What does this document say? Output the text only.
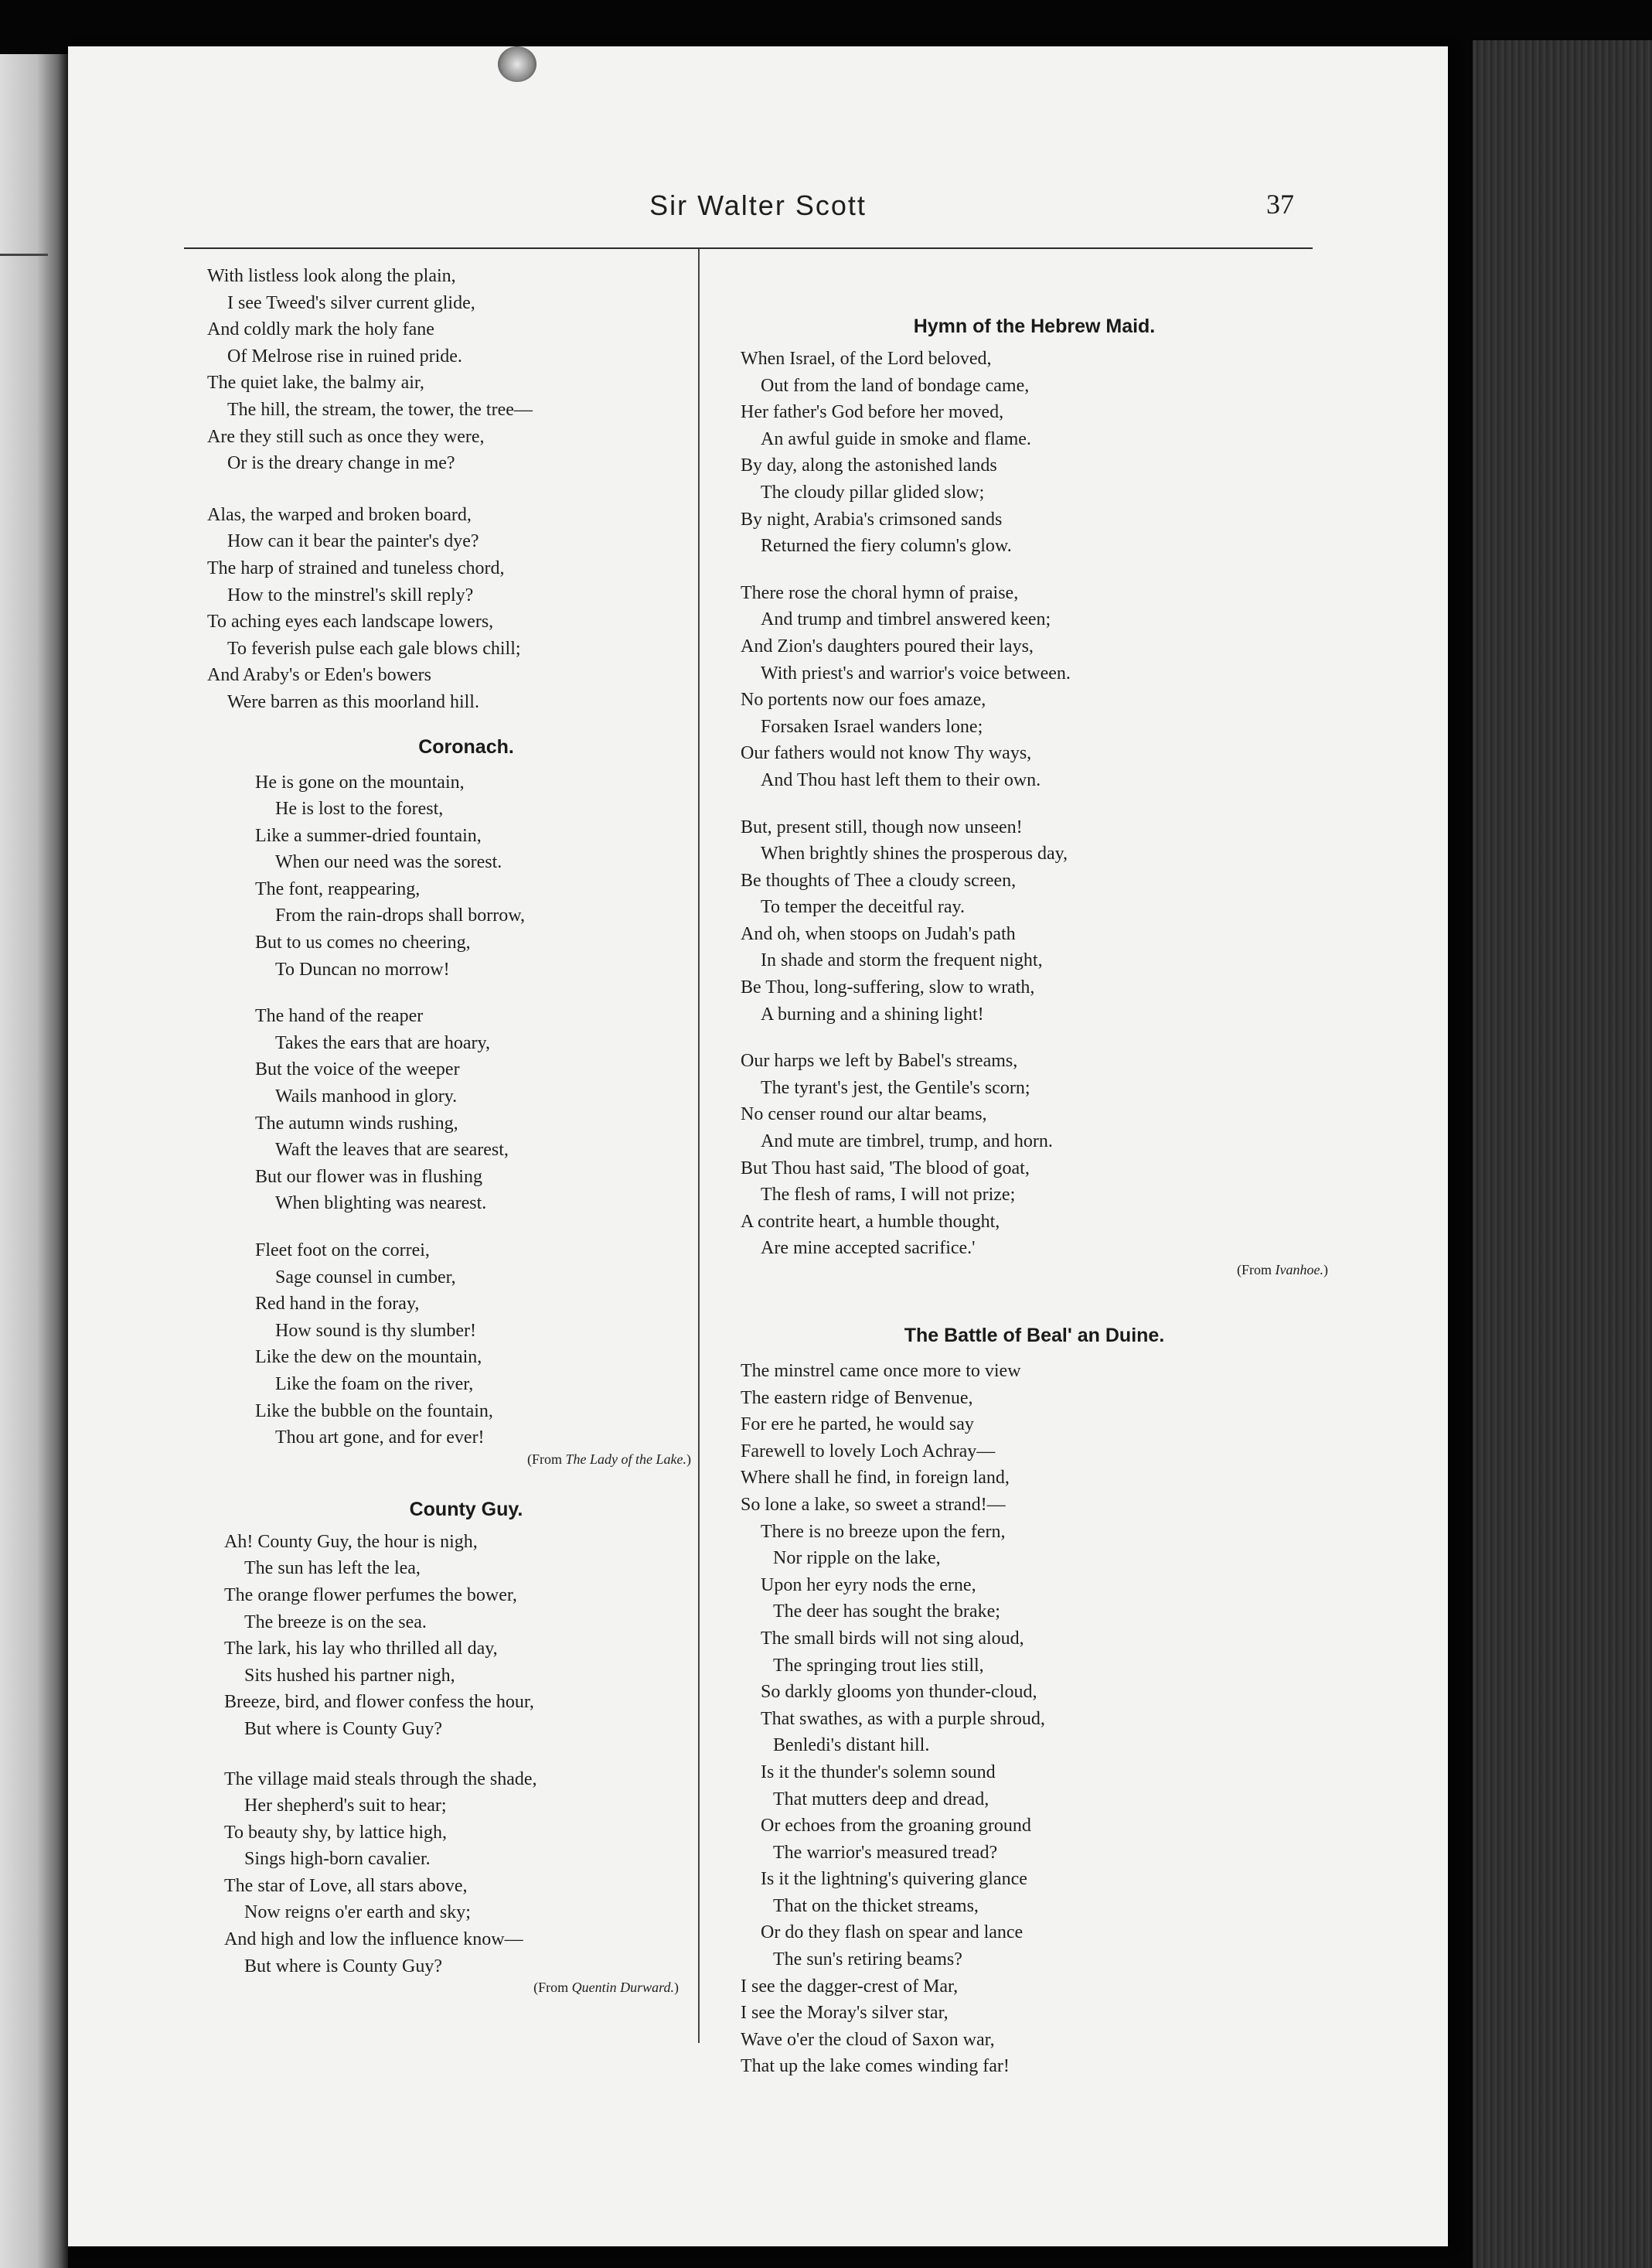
Sir Walter Scott	37
With listless look along the plain,
I see Tweed's silver current glide,
And coldly mark the holy fane
Of Melrose rise in ruined pride.
The quiet lake, the balmy air,
The hill, the stream, the tower, the tree—
Are they still such as once they were,
Or is the dreary change in me?
Alas, the warped and broken board,
How can it bear the painter's dye?
The harp of strained and tuneless chord,
How to the minstrel's skill reply?
To aching eyes each landscape lowers,
To feverish pulse each gale blows chill;
And Araby's or Eden's bowers
Were barren as this moorland hill.
Coronach.
He is gone on the mountain,
He is lost to the forest,
Like a summer-dried fountain,
When our need was the sorest.
The font, reappearing,
From the rain-drops shall borrow,
But to us comes no cheering,
To Duncan no morrow!
The hand of the reaper
Takes the ears that are hoary,
But the voice of the weeper
Wails manhood in glory.
The autumn winds rushing,
Waft the leaves that are searest,
But our flower was in flushing
When blighting was nearest.
Fleet foot on the correi,
Sage counsel in cumber,
Red hand in the foray,
How sound is thy slumber!
Like the dew on the mountain,
Like the foam on the river,
Like the bubble on the fountain,
Thou art gone, and for ever!
(From The Lady of the Lake.)
County Guy.
Ah! County Guy, the hour is nigh,
The sun has left the lea,
The orange flower perfumes the bower,
The breeze is on the sea.
The lark, his lay who thrilled all day,
Sits hushed his partner nigh,
Breeze, bird, and flower confess the hour,
But where is County Guy?
The village maid steals through the shade,
Her shepherd's suit to hear;
To beauty shy, by lattice high,
Sings high-born cavalier.
The star of Love, all stars above,
Now reigns o'er earth and sky;
And high and low the influence know—
But where is County Guy?
(From Quentin Durward.)
Hymn of the Hebrew Maid.
When Israel, of the Lord beloved,
Out from the land of bondage came,
Her father's God before her moved,
An awful guide in smoke and flame.
By day, along the astonished lands
The cloudy pillar glided slow;
By night, Arabia's crimsoned sands
Returned the fiery column's glow.
There rose the choral hymn of praise,
And trump and timbrel answered keen;
And Zion's daughters poured their lays,
With priest's and warrior's voice between.
No portents now our foes amaze,
Forsaken Israel wanders lone;
Our fathers would not know Thy ways,
And Thou hast left them to their own.
But, present still, though now unseen!
When brightly shines the prosperous day,
Be thoughts of Thee a cloudy screen,
To temper the deceitful ray.
And oh, when stoops on Judah's path
In shade and storm the frequent night,
Be Thou, long-suffering, slow to wrath,
A burning and a shining light!
Our harps we left by Babel's streams,
The tyrant's jest, the Gentile's scorn;
No censer round our altar beams,
And mute are timbrel, trump, and horn.
But Thou hast said, 'The blood of goat,
The flesh of rams, I will not prize;
A contrite heart, a humble thought,
Are mine accepted sacrifice.'
(From Ivanhoe.)
The Battle of Beal' an Duine.
The minstrel came once more to view
The eastern ridge of Benvenue,
For ere he parted, he would say
Farewell to lovely Loch Achray—
Where shall he find, in foreign land,
So lone a lake, so sweet a strand!—
There is no breeze upon the fern,
Nor ripple on the lake,
Upon her eyry nods the erne,
The deer has sought the brake;
The small birds will not sing aloud,
The springing trout lies still,
So darkly glooms yon thunder-cloud,
That swathes, as with a purple shroud,
Benledi's distant hill.
Is it the thunder's solemn sound
That mutters deep and dread,
Or echoes from the groaning ground
The warrior's measured tread?
Is it the lightning's quivering glance
That on the thicket streams,
Or do they flash on spear and lance
The sun's retiring beams?
I see the dagger-crest of Mar,
I see the Moray's silver star,
Wave o'er the cloud of Saxon war,
That up the lake comes winding far!
